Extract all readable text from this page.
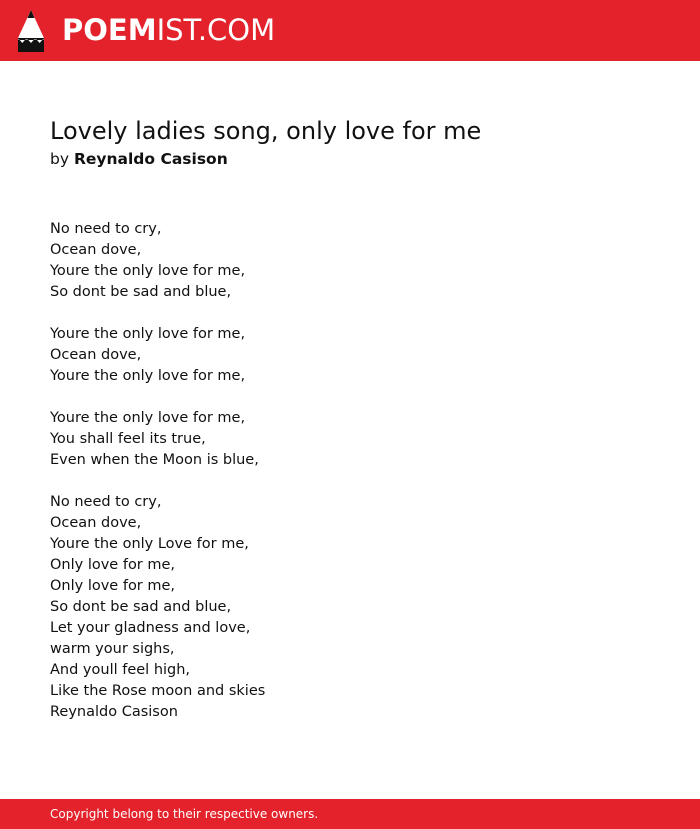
POEMIST.COM
Lovely ladies song, only love for me
by Reynaldo Casison
No need to cry,
Ocean dove,
Youre the only love for me,
So dont be sad and blue,
Youre the only love for me,
Ocean dove,
Youre the only love for me,
Youre the only love for me,
You shall feel its true,
Even when the Moon is blue,
No need to cry,
Ocean dove,
Youre the only Love for me,
Only love for me,
Only love for me,
So dont be sad and blue,
Let your gladness and love,
warm your sighs,
And youll feel high,
Like the Rose moon and skies
Reynaldo Casison
Copyright belong to their respective owners.
